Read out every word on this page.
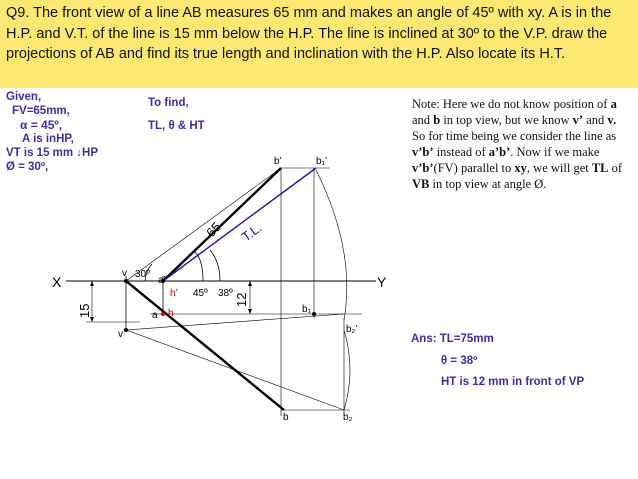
Q9. The front view of a line AB measures 65 mm and makes an angle of 45º with xy. A is in the H.P. and V.T. of the line is 15 mm below the H.P. The line is inclined at 30º to the V.P. draw the projections of AB and find its true length and inclination with the H.P. Also locate its H.T.
Given,
FV=65mm,
α = 45º,
A is inHP,
VT is 15 mm ↓HP
Ø = 30º,
To find,
TL, θ & HT
Note: Here we do not know position of a and b in top view, but we know v’ and v. So for time being we consider the line as v’b’ instead of a’b’. Now if we make v’b’(FV) parallel to xy, we will get TL of VB in top view at angle Ø.
Ans: TL=75mm
θ = 38º
HT is 12 mm in front of VP
X	Y
v 30º
a’
h’ 45º 38º
h
a
v’
b’	b₁’
b₁
b₂’
b	b₂
15
12
65 T.L.
